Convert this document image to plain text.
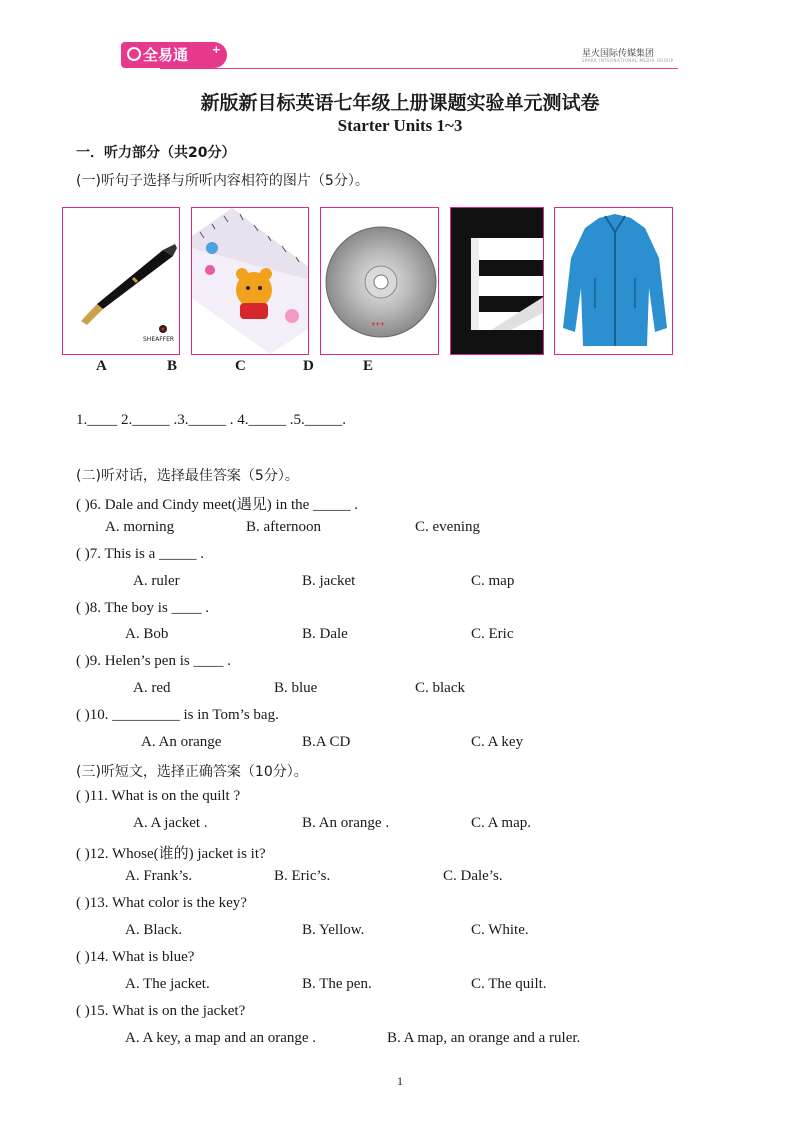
全易通 +	星火国际传媒集团
SPARK INTERNATIONAL MEDIA GROUP
新版新目标英语七年级上册课题实验单元测试卷
Starter Units 1~3
一．听力部分（共20分）
(一)听句子选择与所听内容相符的图片（5分）。
SHEAFFER
+++
A	B	C	D	E
1.____ 2._____ .3._____ . 4._____ .5._____.
(二)听对话，选择最佳答案（5分）。
( )6. Dale and Cindy meet(遇见) in the _____ .
A. morning	B. afternoon	C. evening
( )7. This is a _____ .
A. ruler	B. jacket	C. map
( )8. The boy is ____ .
A. Bob	B. Dale	C. Eric
( )9. Helen’s pen is ____ .
A. red	B. blue	C. black
( )10. _________ is in Tom’s bag.
A. An orange	B.A CD	C. A key
(三)听短文，选择正确答案（10分）。
( )11. What is on the quilt ?
A. A jacket .	B. An orange .	C. A map.
( )12. Whose(谁的) jacket is it?
A. Frank’s.	B. Eric’s.	C. Dale’s.
( )13. What color is the key?
A. Black.	B. Yellow.	C. White.
( )14. What is blue?
A. The jacket.	B. The pen.	C. The quilt.
( )15. What is on the jacket?
A. A key, a map and an orange .	B. A map, an orange and a ruler.
1
